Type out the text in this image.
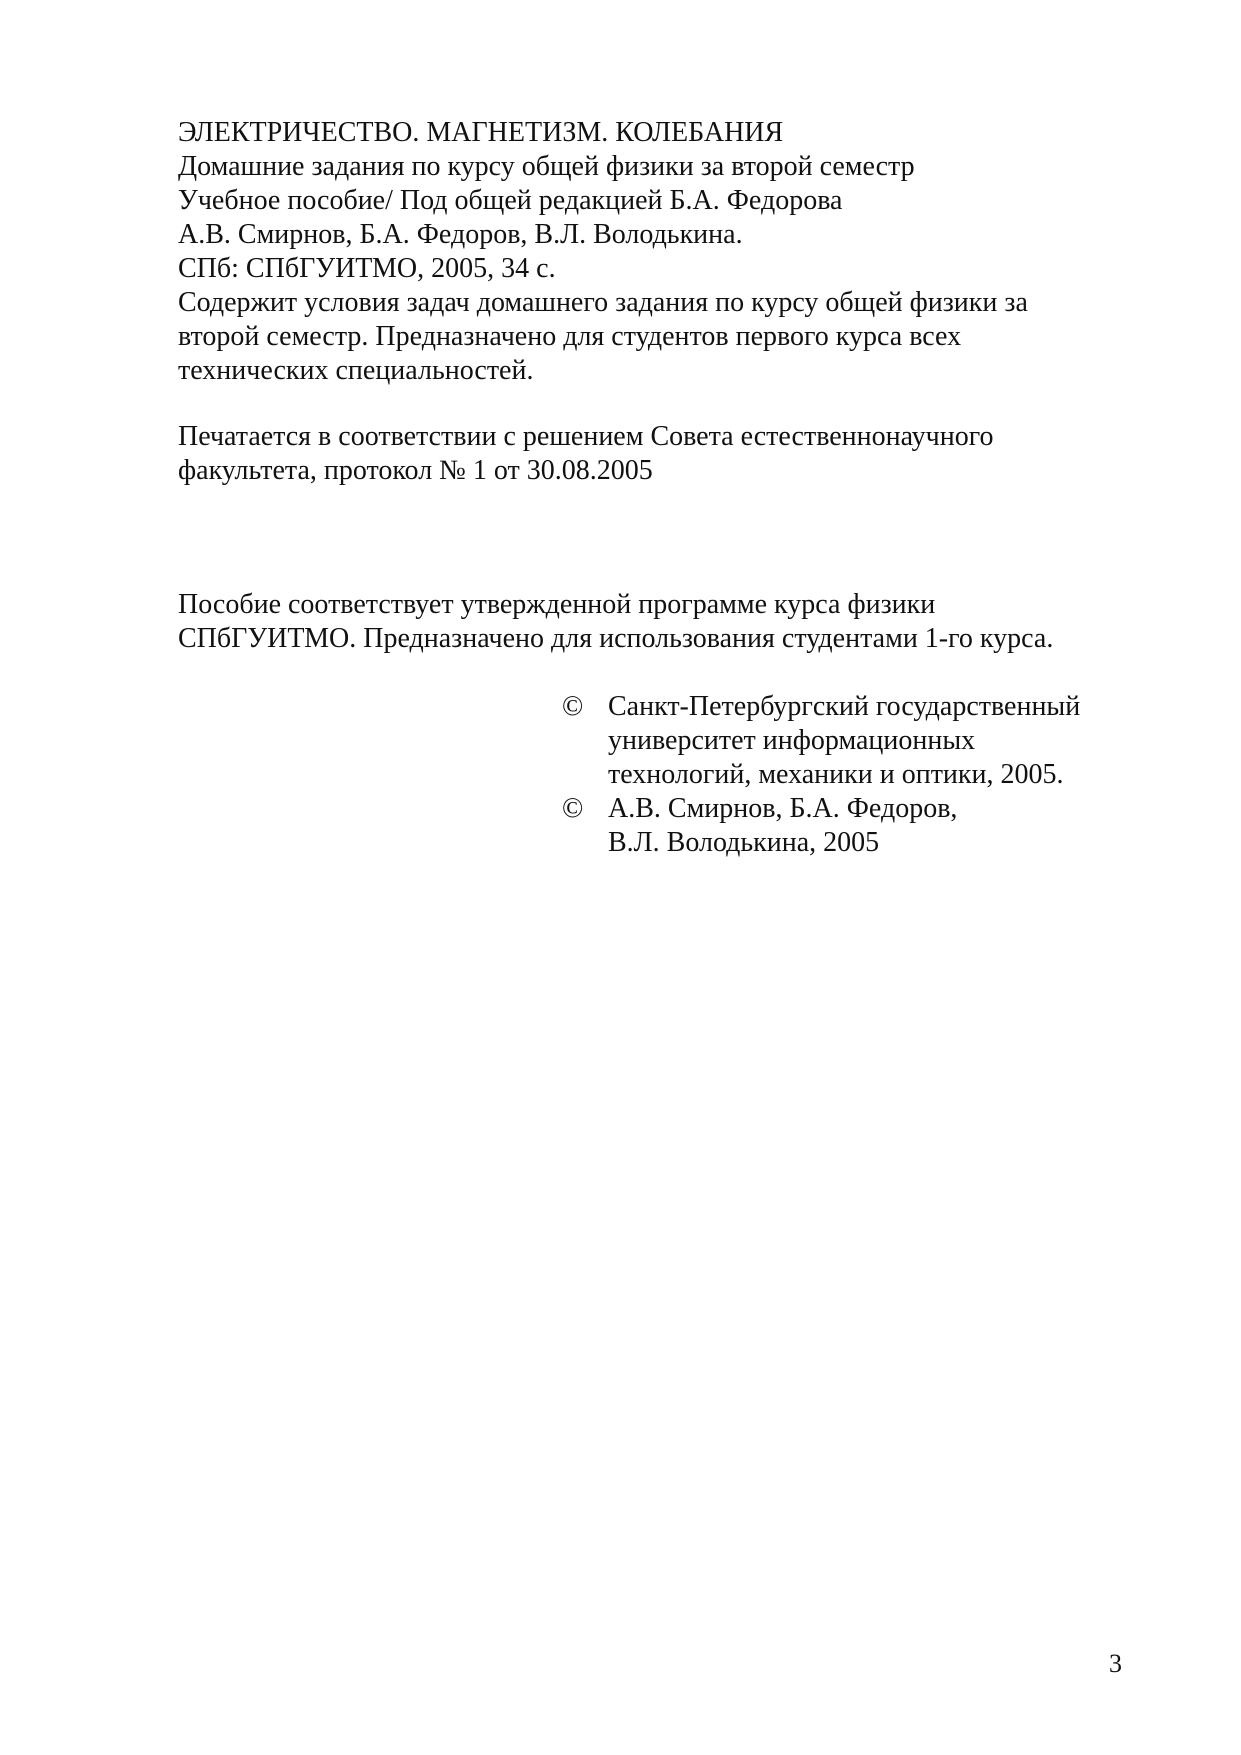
ЭЛЕКТРИЧЕСТВО. МАГНЕТИЗМ. КОЛЕБАНИЯ
Домашние задания по курсу общей физики за второй семестр
Учебное пособие/ Под общей редакцией Б.А. Федорова
А.В. Смирнов, Б.А. Федоров, В.Л. Володькина.
СПб: СПбГУИТМО, 2005, 34 с.
Содержит условия задач домашнего задания по курсу общей физики за
второй семестр. Предназначено для студентов первого курса всех
технических специальностей.
Печатается в соответствии с решением Совета естественнонаучного
факультета, протокол № 1 от 30.08.2005
Пособие соответствует утвержденной программе курса физики
СПбГУИТМО. Предназначено для использования студентами 1-го курса.
© Санкт-Петербургский государственный
университет информационных
технологий, механики и оптики, 2005.
© А.В. Смирнов, Б.А. Федоров,
В.Л. Володькина, 2005
3
